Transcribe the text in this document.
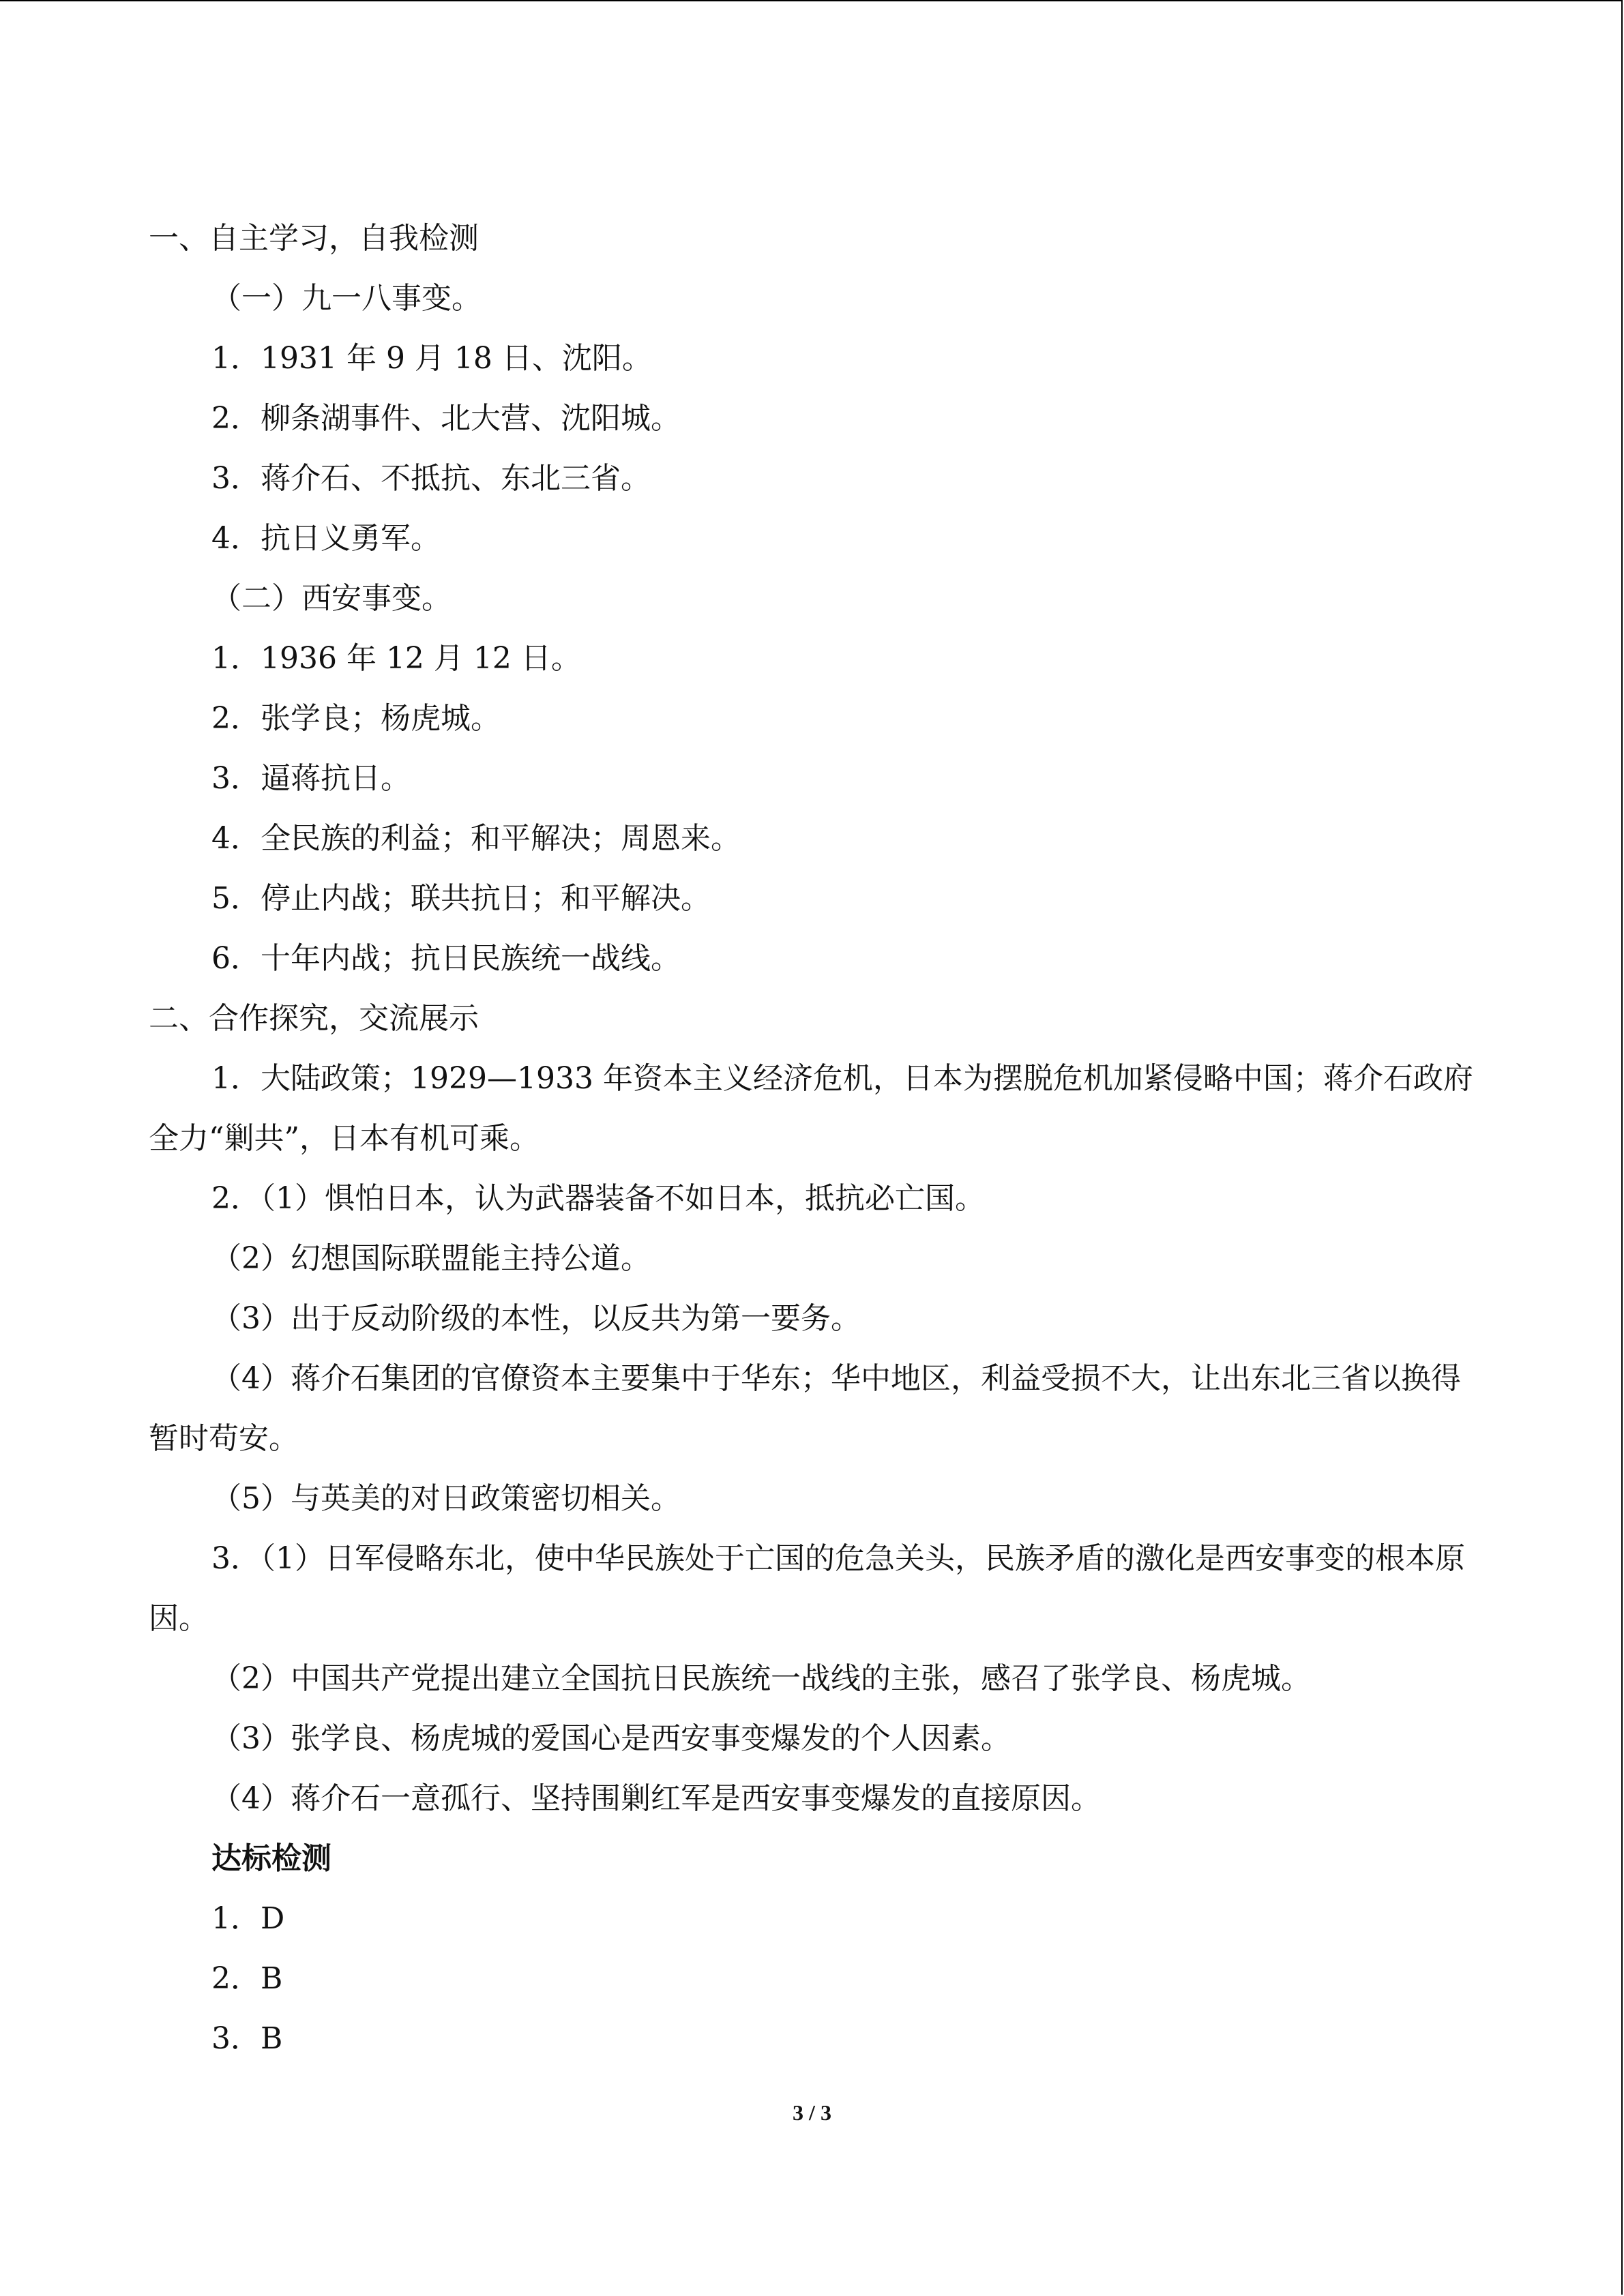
一、自主学习，自我检测
（一）九一八事变。
1．1931 年 9 月 18 日、沈阳。
2．柳条湖事件、北大营、沈阳城。
3．蒋介石、不抵抗、东北三省。
4．抗日义勇军。
（二）西安事变。
1．1936 年 12 月 12 日。
2．张学良；杨虎城。
3．逼蒋抗日。
4．全民族的利益；和平解决；周恩来。
5．停止内战；联共抗日；和平解决。
6．十年内战；抗日民族统一战线。
二、合作探究，交流展示
1．大陆政策；1929—1933 年资本主义经济危机，日本为摆脱危机加紧侵略中国；蒋介石政府全力“剿共”，日本有机可乘。
2．（1）惧怕日本，认为武器装备不如日本，抵抗必亡国。
（2）幻想国际联盟能主持公道。
（3）出于反动阶级的本性，以反共为第一要务。
（4）蒋介石集团的官僚资本主要集中于华东；华中地区，利益受损不大，让出东北三省以换得暂时苟安。
（5）与英美的对日政策密切相关。
3．（1）日军侵略东北，使中华民族处于亡国的危急关头，民族矛盾的激化是西安事变的根本原因。
（2）中国共产党提出建立全国抗日民族统一战线的主张，感召了张学良、杨虎城。
（3）张学良、杨虎城的爱国心是西安事变爆发的个人因素。
（4）蒋介石一意孤行、坚持围剿红军是西安事变爆发的直接原因。
达标检测
1．D
2．B
3．B
3 / 3
